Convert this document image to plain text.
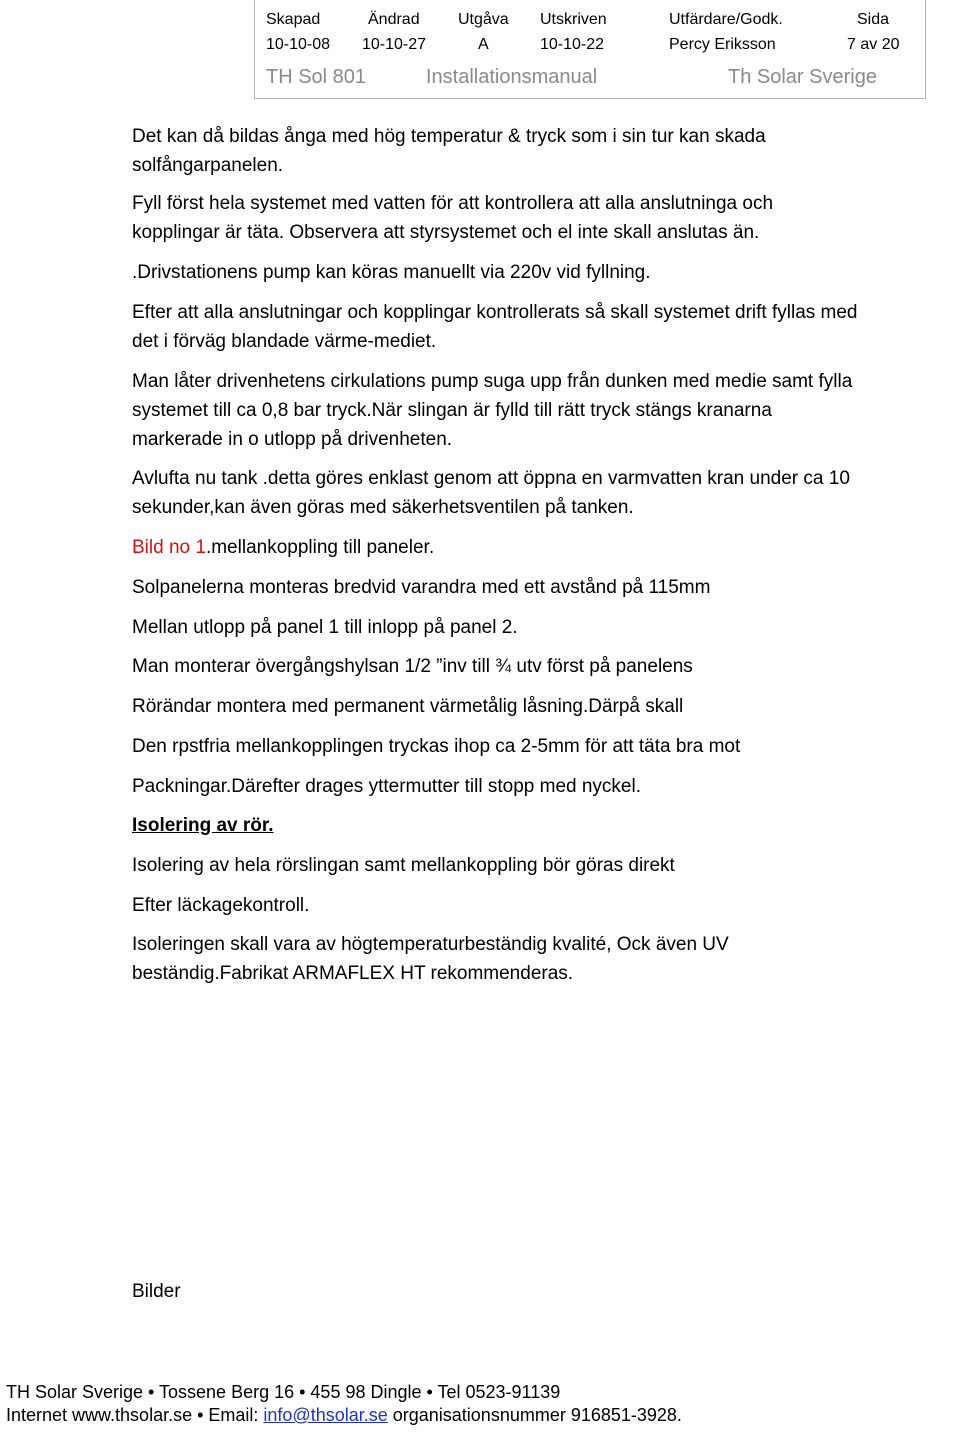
Skapad	Ändrad Utgåva Utskriven	Utfärdare/Godk.	Sida
10-10-08 10-10-27	A	10-10-22	Percy Eriksson	7 av 20
TH Sol 801	Installationsmanual	Th Solar Sverige

Det kan då bildas ånga med hög temperatur & tryck som i sin tur kan skada
solfångarpanelen.

Fyll först hela systemet med vatten för att kontrollera att alla anslutninga och
kopplingar är täta. Observera att styrsystemet och el inte skall anslutas än.

.Drivstationens pump kan köras manuellt via 220v vid fyllning.

Efter att alla anslutningar och kopplingar kontrollerats så skall systemet drift fyllas med
det i förväg blandade värme-mediet.

Man låter drivenhetens cirkulations pump suga upp från dunken med medie samt fylla
systemet till ca 0,8 bar tryck.När slingan är fylld till rätt tryck stängs kranarna
markerade in o utlopp på drivenheten.

Avlufta nu tank .detta göres enklast genom att öppna en varmvatten kran under ca 10
sekunder,kan även göras med säkerhetsventilen på tanken.

Bild no 1.mellankoppling till paneler.

Solpanelerna monteras bredvid varandra med ett avstånd på 115mm

Mellan utlopp på panel 1 till inlopp på panel 2.

Man monterar övergångshylsan 1/2 ”inv till ¾ utv först på panelens

Rörändar montera med permanent värmetålig låsning.Därpå skall

Den rpstfria mellankopplingen tryckas ihop ca 2-5mm för att täta bra mot

Packningar.Därefter drages yttermutter till stopp med nyckel.

Isolering av rör.

Isolering av hela rörslingan samt mellankoppling bör göras direkt

Efter läckagekontroll.

Isoleringen skall vara av högtemperaturbeständig kvalité, Ock även UV
beständig.Fabrikat ARMAFLEX HT rekommenderas.

Bilder

TH Solar Sverige • Tossene Berg 16 • 455 98 Dingle • Tel 0523-91139
Internet www.thsolar.se • Email: info@thsolar.se organisationsnummer 916851-3928.
